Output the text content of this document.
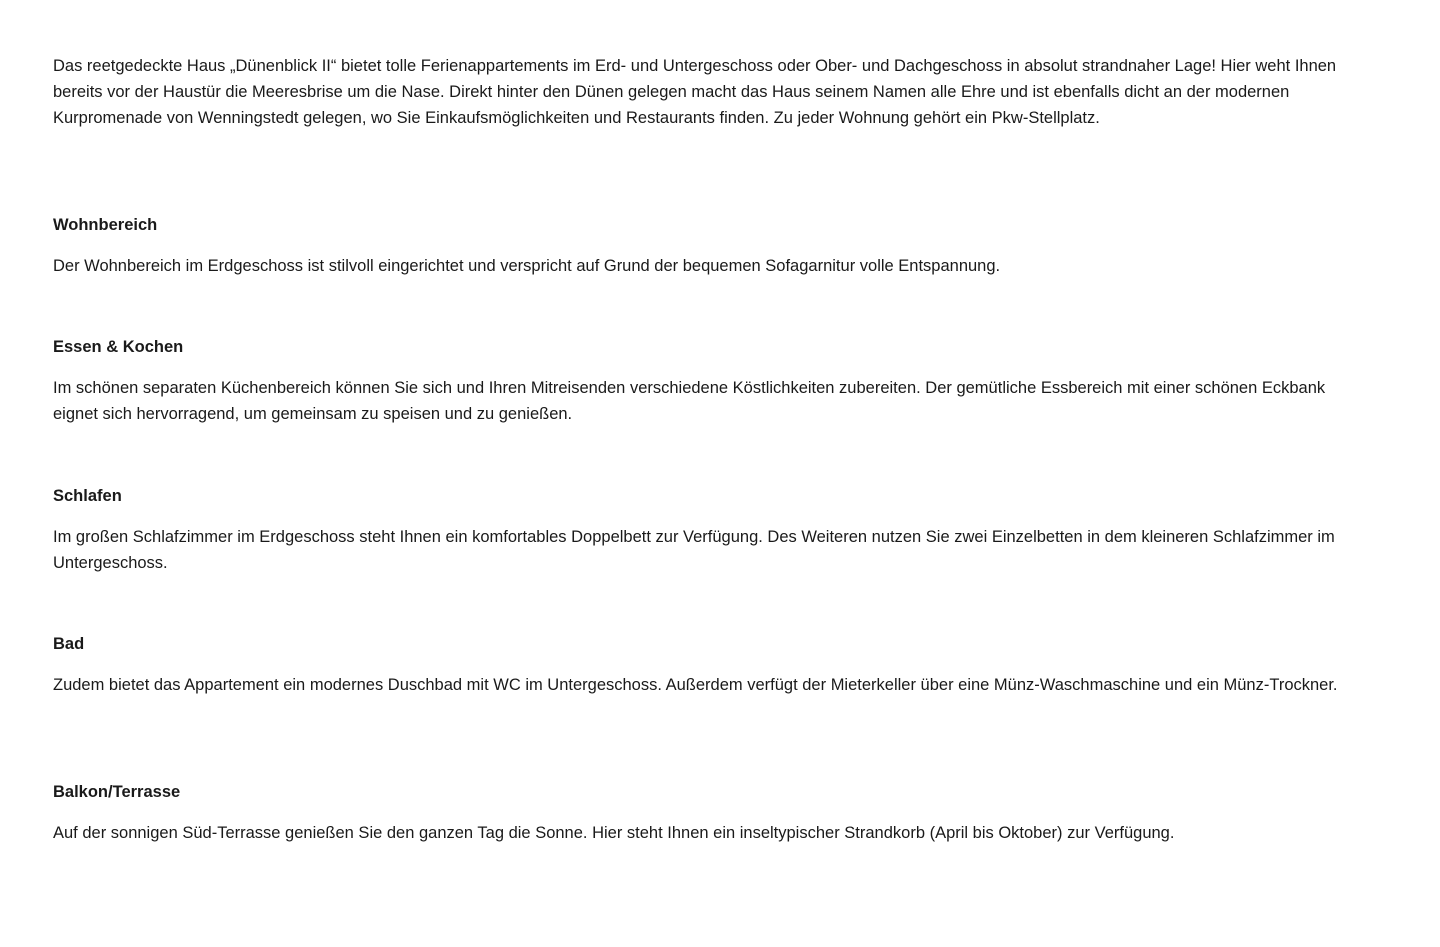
Das reetgedeckte Haus „Dünenblick II“ bietet tolle Ferienappartements im Erd- und Untergeschoss oder Ober- und Dachgeschoss in absolut strandnaher Lage! Hier weht Ihnen bereits vor der Haustür die Meeresbrise um die Nase. Direkt hinter den Dünen gelegen macht das Haus seinem Namen alle Ehre und ist ebenfalls dicht an der modernen Kurpromenade von Wenningstedt gelegen, wo Sie Einkaufsmöglichkeiten und Restaurants finden. Zu jeder Wohnung gehört ein Pkw-Stellplatz.

Wohnbereich

Der Wohnbereich im Erdgeschoss ist stilvoll eingerichtet und verspricht auf Grund der bequemen Sofagarnitur volle Entspannung.

Essen & Kochen

Im schönen separaten Küchenbereich können Sie sich und Ihren Mitreisenden verschiedene Köstlichkeiten zubereiten. Der gemütliche Essbereich mit einer schönen Eckbank eignet sich hervorragend, um gemeinsam zu speisen und zu genießen.

Schlafen

Im großen Schlafzimmer im Erdgeschoss steht Ihnen ein komfortables Doppelbett zur Verfügung. Des Weiteren nutzen Sie zwei Einzelbetten in dem kleineren Schlafzimmer im Untergeschoss.

Bad

Zudem bietet das Appartement ein modernes Duschbad mit WC im Untergeschoss. Außerdem verfügt der Mieterkeller über eine Münz-Waschmaschine und ein Münz-Trockner.

Balkon/Terrasse

Auf der sonnigen Süd-Terrasse genießen Sie den ganzen Tag die Sonne. Hier steht Ihnen ein inseltypischer Strandkorb (April bis Oktober) zur Verfügung.
